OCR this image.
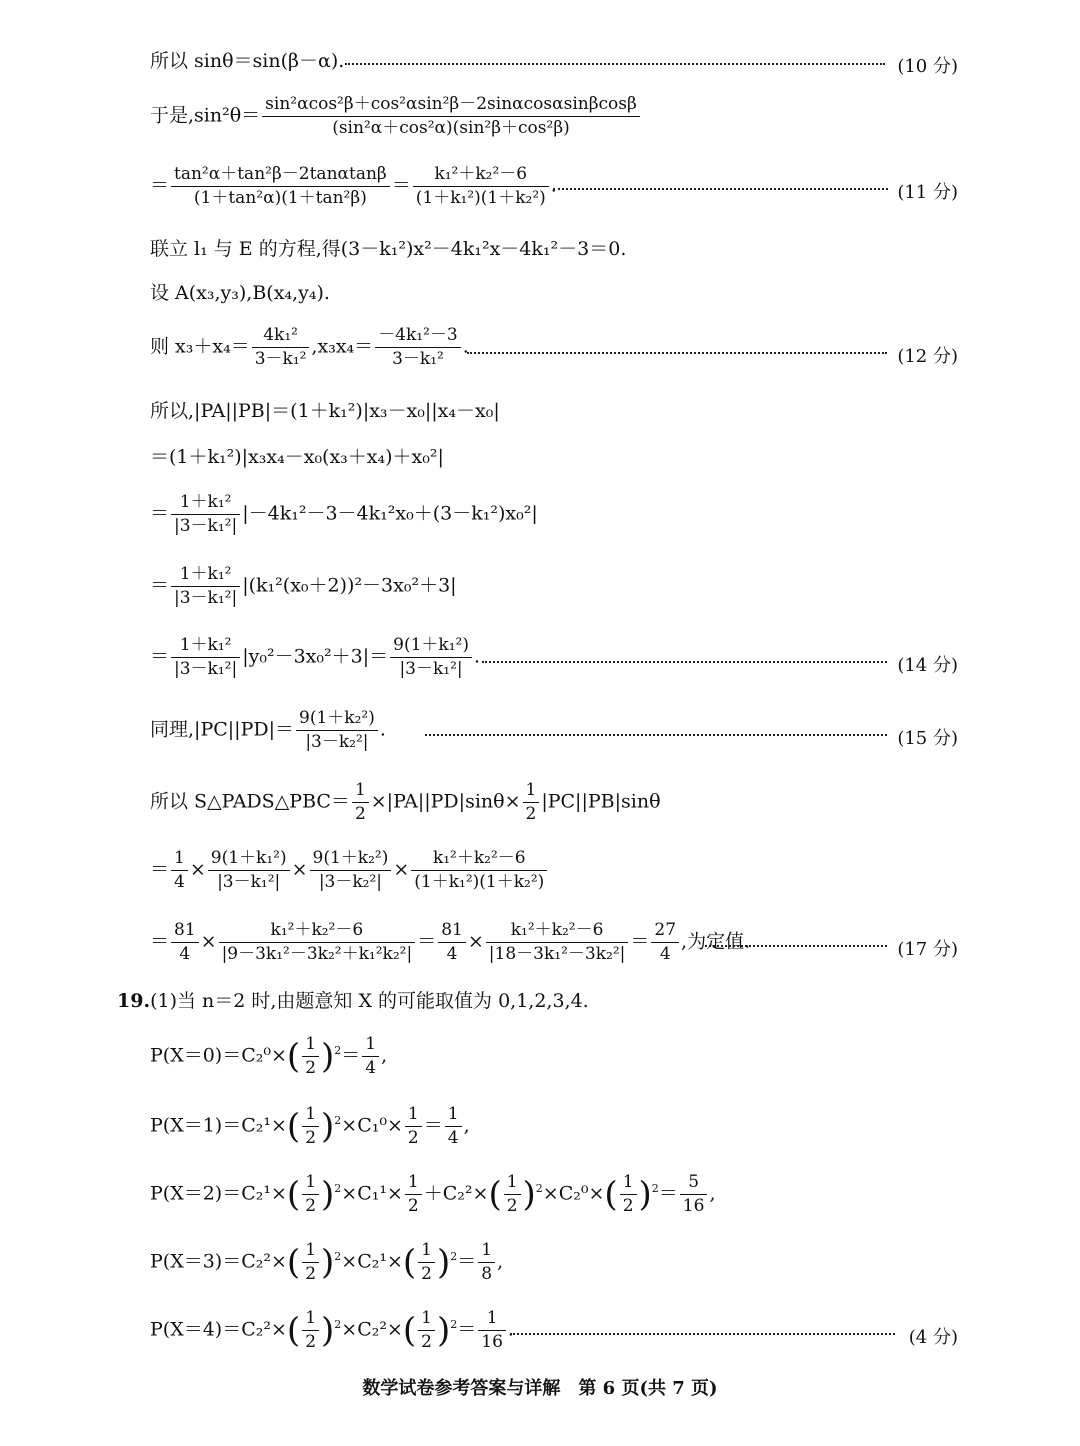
所以 sinθ＝sin(β－α).	(10 分)
于是$,\sin^2\theta= \frac{\text{sin²αcos²β＋cos²αsin²β－2sinαcosαsinβcosβ}}{\text{(sin²α＋cos²α)(sin²β＋cos²β)}}$
＝ $\frac{\text{tan²α＋tan²β－2tanαtanβ}}{\text{(1＋tan²α)(1＋tan²β)}} = \frac{\text{k₁²＋k₂²－6}}{\text{(1＋k₁²)(1＋k₂²)}}$ .	(11 分)
联立 l₁ 与 E 的方程,得(3－k₁²)x²－4k₁²x－4k₁²－3＝0.
设 A(x₃,y₃),B(x₄,y₄).
则 $x_3+x_4= \frac{\text{4k₁²}}{\text{3－k₁²}} ,x_3x_4= \frac{\text{－4k₁²－3}}{\text{3－k₁²}}$ .	(12 分)
所以,|PA||PB|＝(1＋k₁²)|x₃－x₀||x₄－x₀|
＝(1＋k₁²)|x₃x₄－x₀(x₃＋x₄)＋x₀²|
＝ $\frac{\text{1＋k₁²}}{\text{|3－k₁²|}} |-4k_1^2-3-4k_1^2x_0+(3-k_1^2)x_0^2|$
＝ $\frac{\text{1＋k₁²}}{\text{|3－k₁²|}} |(k_1^2(x_0+2))^2-3x_0^2+3|$
＝ $\frac{\text{1＋k₁²}}{\text{|3－k₁²|}} |y_0^2-3x_0^2+3|= \frac{\text{9(1＋k₁²)}}{\text{|3－k₁²|}}$ .	(14 分)
同理$,|PC||PD|= \frac{\text{9(1＋k₂²)}}{\text{|3－k₂²|}}$ .	(15 分)
所以 S△PADS△PBC＝ $\frac{1}{2} \times|PA||PD|\sin\theta\times \frac{1}{2} |PC||PB|\sin\theta$
＝ $\frac{1}{4} \times \frac{\text{9(1＋k₁²)}}{\text{|3－k₁²|}} \times \frac{\text{9(1＋k₂²)}}{\text{|3－k₂²|}} \times \frac{\text{k₁²＋k₂²－6}}{\text{(1＋k₁²)(1＋k₂²)}}$
＝ $\frac{81}{4} \times \frac{\text{k₁²＋k₂²－6}}{\text{|9－3k₁²－3k₂²＋k₁²k₂²|}} = \frac{81}{4} \times \frac{\text{k₁²＋k₂²－6}}{\text{|18－3k₁²－3k₂²|}} = \frac{27}{4}$ ,为定值.	(17 分)
19.(1)当 n＝2 时,由题意知 X 的可能取值为 0,1,2,3,4.
$P(X=0)=C_2^0\times( \frac{1}{2} )^2= \frac{1}{4}$ ,
$P(X=1)=C_2^1\times( \frac{1}{2} )^2\times C_1^0\times \frac{1}{2} = \frac{1}{4}$ ,
$P(X=2)=C_2^1\times( \frac{1}{2} )^2\times C_1^1\times \frac{1}{2} +C_2^2\times( \frac{1}{2} )^2\times C_2^0\times( \frac{1}{2} )^2= \frac{5}{16}$ ,
$P(X=3)=C_2^2\times( \frac{1}{2} )^2\times C_2^1\times( \frac{1}{2} )^2= \frac{1}{8}$ ,
$P(X=4)=C_2^2\times( \frac{1}{2} )^2\times C_2^2\times( \frac{1}{2} )^2= \frac{1}{16}$ .	(4 分)
数学试卷参考答案与详解　第 6 页(共 7 页)
